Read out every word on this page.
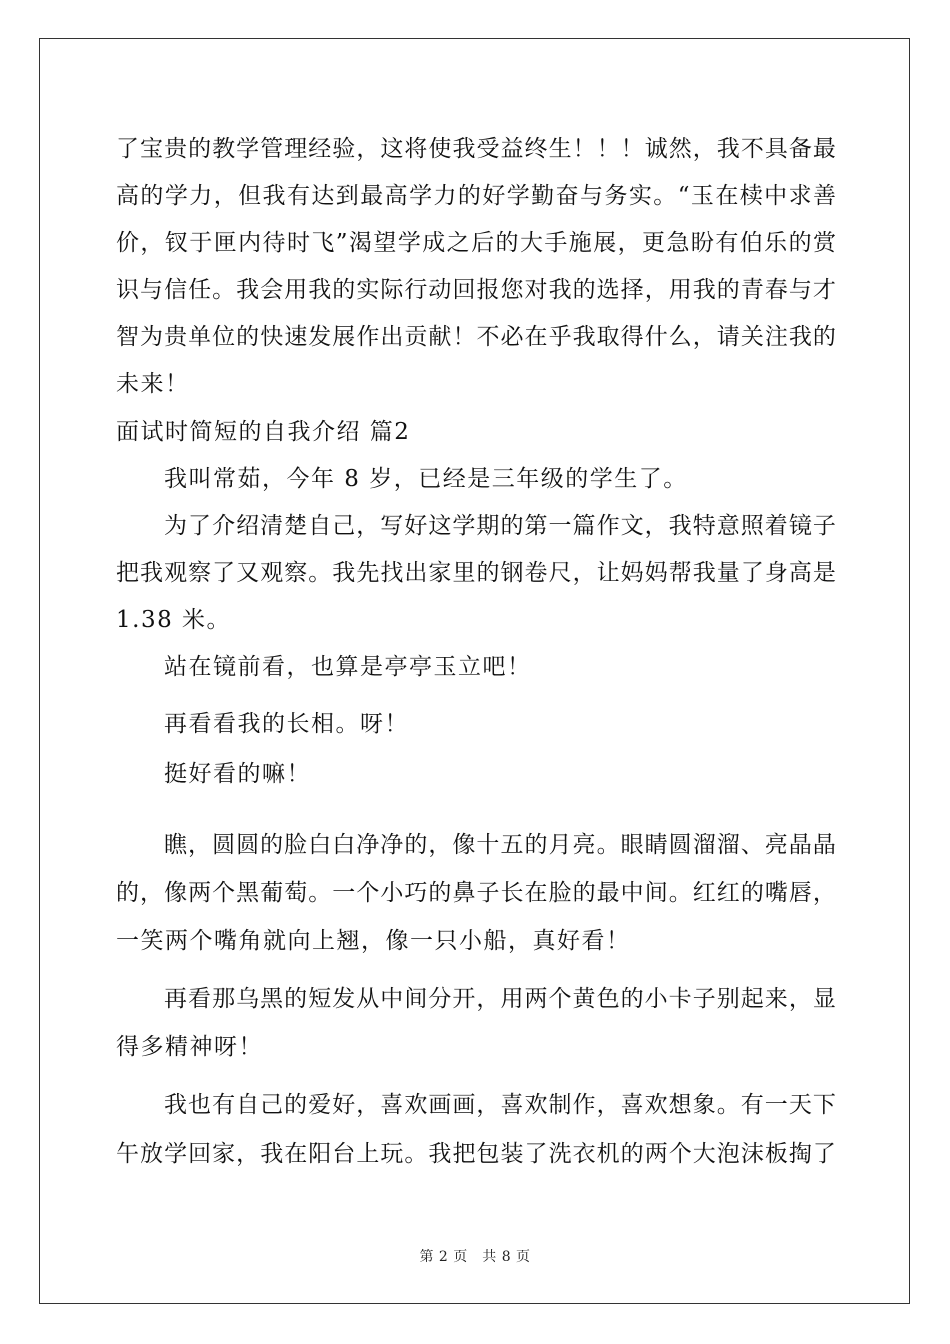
了 宝 贵 的 教 学 管 理 经 验 ， 这 将 使 我 受 益 终 生 ！ ！ ！ 诚 然 ， 我 不 具 备 最
高 的 学 力 ， 但 我 有 达 到 最 高 学 力 的 好 学 勤 奋 与 务 实 。 “ 玉 在 椟 中 求 善
价 ， 钗 于 匣 内 待 时 飞 ” 渴 望 学 成 之 后 的 大 手 施 展 ， 更 急 盼 有 伯 乐 的 赏
识 与 信 任 。 我 会 用 我 的 实 际 行 动 回 报 您 对 我 的 选 择 ， 用 我 的 青 春 与 才
智 为 贵 单 位 的 快 速 发 展 作 出 贡 献 ！ 不 必 在 乎 我 取 得 什 么 ， 请 关 注 我 的
未来！
面试时简短的自我介绍 篇2
我叫常茹，今年 8 岁，已经是三年级的学生了。
为 了 介 绍 清 楚 自 己 ， 写 好 这 学 期 的 第 一 篇 作 文 ， 我 特 意 照 着 镜 子
把 我 观 察 了 又 观 察 。 我 先 找 出 家 里 的 钢 卷 尺 ， 让 妈 妈 帮 我 量 了 身 高 是
1.38 米。
站在镜前看，也算是亭亭玉立吧！
再看看我的长相。呀！
挺好看的嘛！
瞧 ， 圆 圆 的 脸 白 白 净 净 的 ， 像 十 五 的 月 亮 。 眼 睛 圆 溜 溜 、 亮 晶 晶
的 ， 像 两 个 黑 葡 萄 。 一 个 小 巧 的 鼻 子 长 在 脸 的 最 中 间 。 红 红 的 嘴 唇 ，
一笑两个嘴角就向上翘，像一只小船，真好看！
再 看 那 乌 黑 的 短 发 从 中 间 分 开 ， 用 两 个 黄 色 的 小 卡 子 别 起 来 ， 显
得多精神呀！
我 也 有 自 己 的 爱 好 ， 喜 欢 画 画 ， 喜 欢 制 作 ， 喜 欢 想 象 。 有 一 天 下
午 放 学 回 家 ， 我 在 阳 台 上 玩 。 我 把 包 装 了 洗 衣 机 的 两 个 大 泡 沫 板 掏 了
第 2 页　共 8 页
